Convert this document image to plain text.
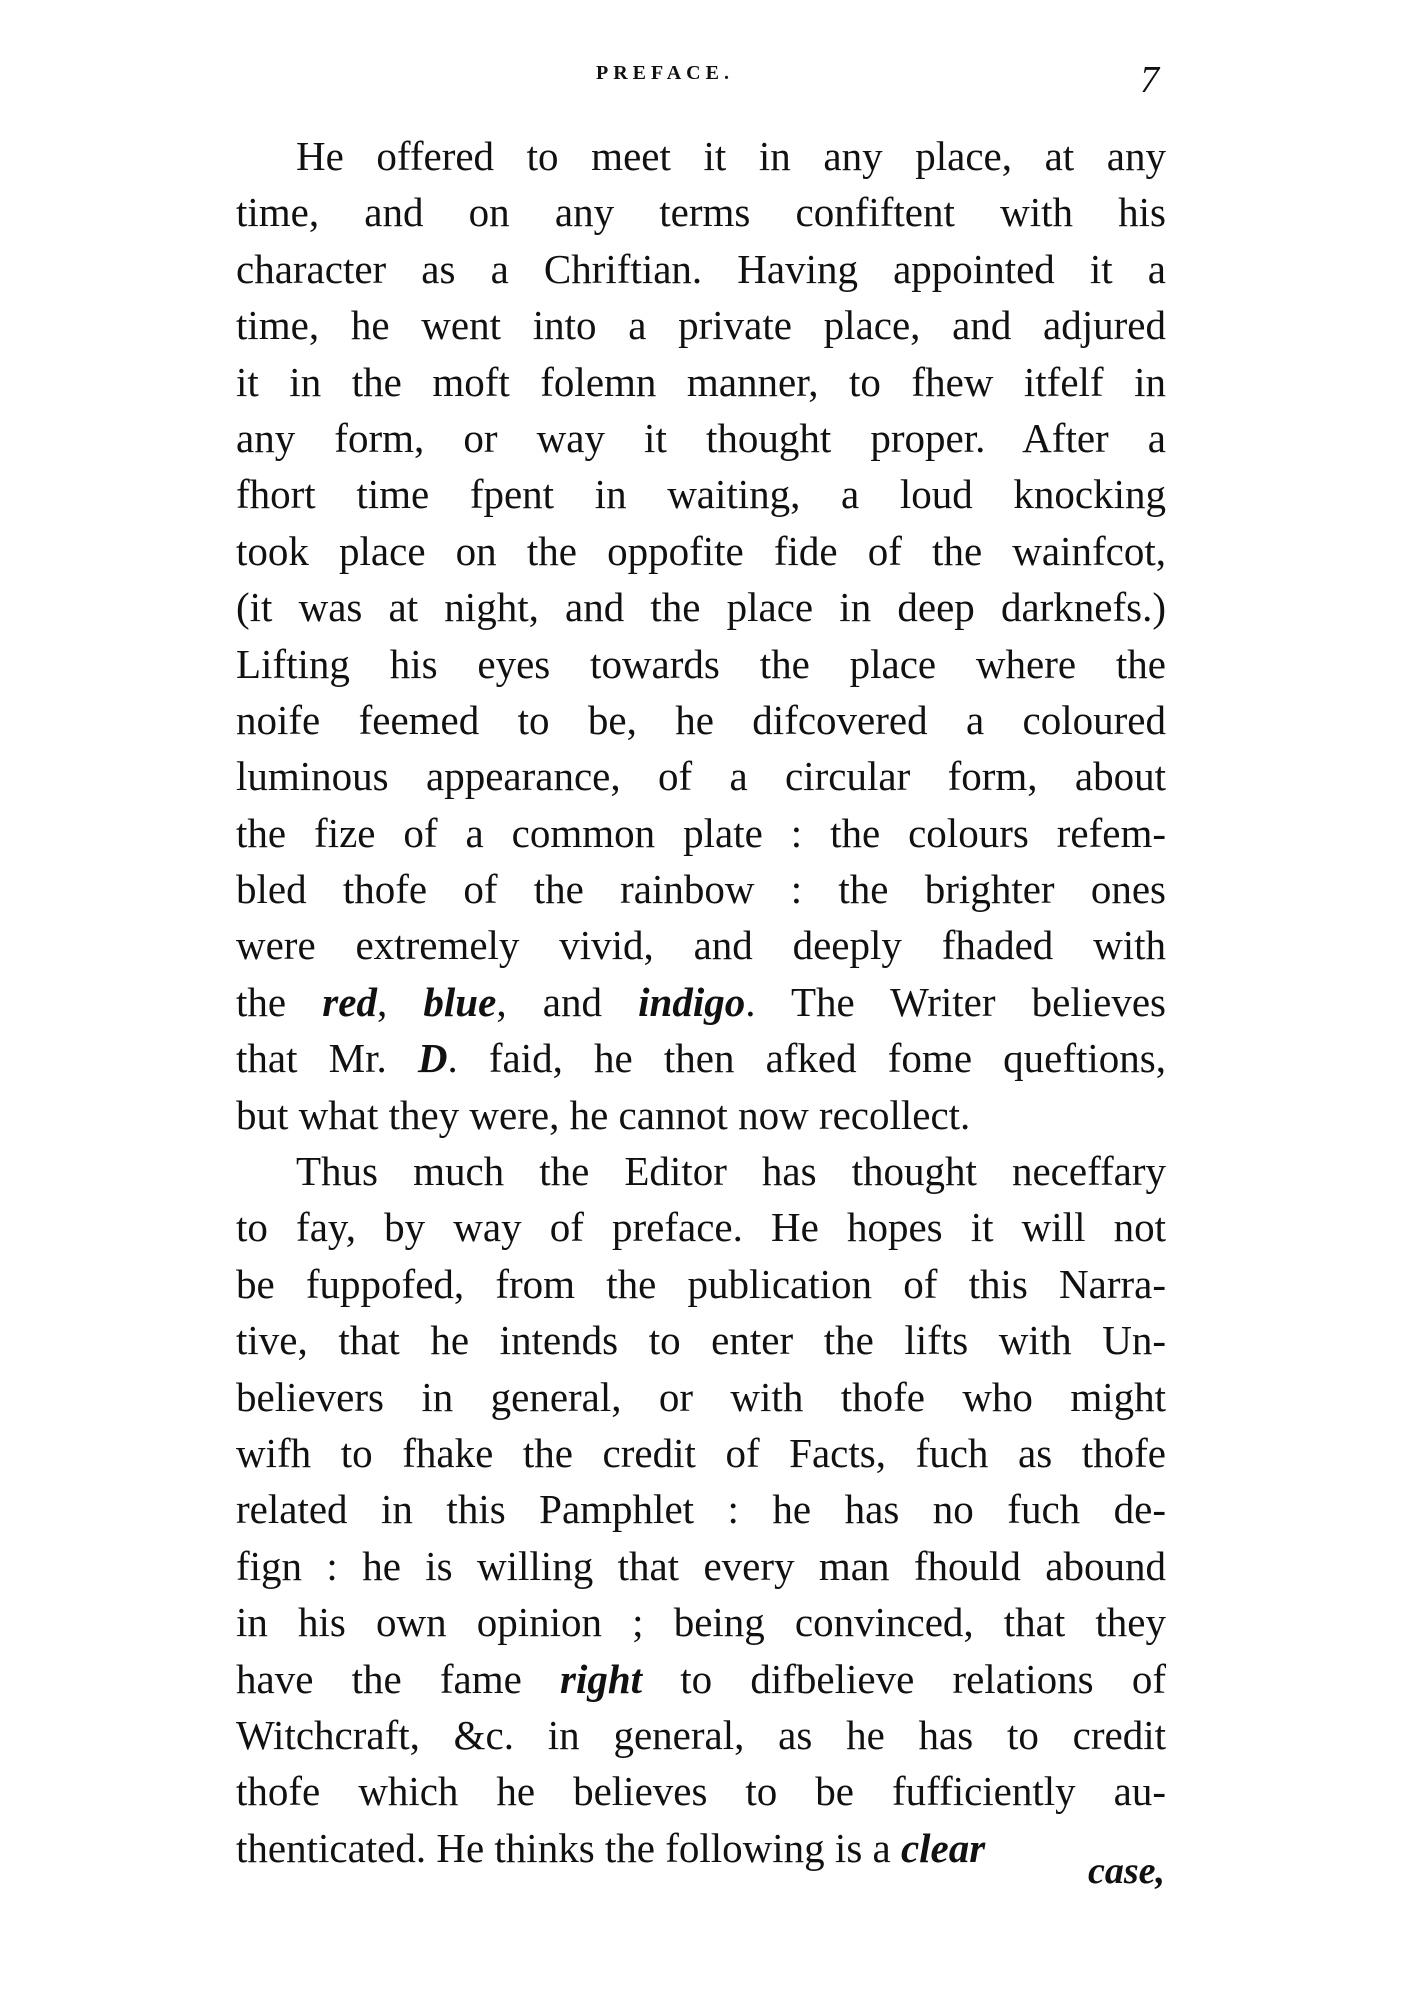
PREFACE.	7
He offered to meet it in any place, at any
time, and on any terms confiftent with his
character as a Chriftian. Having appointed it a
time, he went into a private place, and adjured
it in the moft folemn manner, to fhew itfelf in
any form, or way it thought proper. After a
fhort time fpent in waiting, a loud knocking
took place on the oppofite fide of the wainfcot,
(it was at night, and the place in deep darknefs.)
Lifting his eyes towards the place where the
noife feemed to be, he difcovered a coloured
luminous appearance, of a circular form, about
the fize of a common plate : the colours refem-
bled thofe of the rainbow : the brighter ones
were extremely vivid, and deeply fhaded with
the red, blue, and indigo. The Writer believes
that Mr. D. faid, he then afked fome queftions,
but what they were, he cannot now recollect.
Thus much the Editor has thought neceffary
to fay, by way of preface. He hopes it will not
be fuppofed, from the publication of this Narra-
tive, that he intends to enter the lifts with Un-
believers in general, or with thofe who might
wifh to fhake the credit of Facts, fuch as thofe
related in this Pamphlet : he has no fuch de-
fign : he is willing that every man fhould abound
in his own opinion ; being convinced, that they
have the fame right to difbelieve relations of
Witchcraft, &c. in general, as he has to credit
thofe which he believes to be fufficiently au-
thenticated. He thinks the following is a clear
case,
